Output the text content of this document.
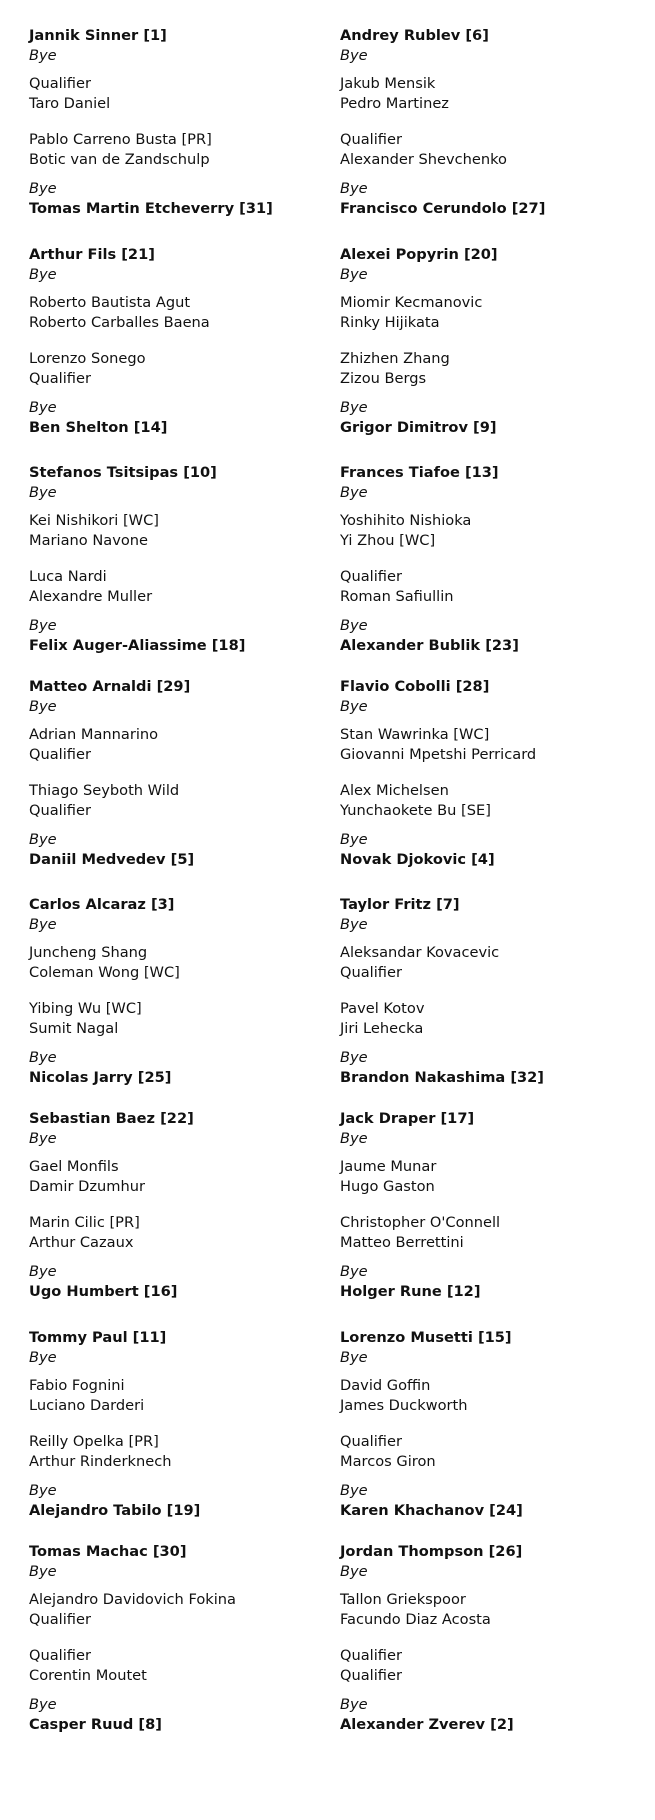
Jannik Sinner [1]
Bye
Qualifier
Taro Daniel
Pablo Carreno Busta [PR]
Botic van de Zandschulp
Bye
Tomas Martin Etcheverry [31]
Arthur Fils [21]
Bye
Roberto Bautista Agut
Roberto Carballes Baena
Lorenzo Sonego
Qualifier
Bye
Ben Shelton [14]
Stefanos Tsitsipas [10]
Bye
Kei Nishikori [WC]
Mariano Navone
Luca Nardi
Alexandre Muller
Bye
Felix Auger-Aliassime [18]
Matteo Arnaldi [29]
Bye
Adrian Mannarino
Qualifier
Thiago Seyboth Wild
Qualifier
Bye
Daniil Medvedev [5]
Carlos Alcaraz [3]
Bye
Juncheng Shang
Coleman Wong [WC]
Yibing Wu [WC]
Sumit Nagal
Bye
Nicolas Jarry [25]
Sebastian Baez [22]
Bye
Gael Monfils
Damir Dzumhur
Marin Cilic [PR]
Arthur Cazaux
Bye
Ugo Humbert [16]
Tommy Paul [11]
Bye
Fabio Fognini
Luciano Darderi
Reilly Opelka [PR]
Arthur Rinderknech
Bye
Alejandro Tabilo [19]
Tomas Machac [30]
Bye
Alejandro Davidovich Fokina
Qualifier
Qualifier
Corentin Moutet
Bye
Casper Ruud [8]
Andrey Rublev [6]
Bye
Jakub Mensik
Pedro Martinez
Qualifier
Alexander Shevchenko
Bye
Francisco Cerundolo [27]
Alexei Popyrin [20]
Bye
Miomir Kecmanovic
Rinky Hijikata
Zhizhen Zhang
Zizou Bergs
Bye
Grigor Dimitrov [9]
Frances Tiafoe [13]
Bye
Yoshihito Nishioka
Yi Zhou [WC]
Qualifier
Roman Safiullin
Bye
Alexander Bublik [23]
Flavio Cobolli [28]
Bye
Stan Wawrinka [WC]
Giovanni Mpetshi Perricard
Alex Michelsen
Yunchaokete Bu [SE]
Bye
Novak Djokovic [4]
Taylor Fritz [7]
Bye
Aleksandar Kovacevic
Qualifier
Pavel Kotov
Jiri Lehecka
Bye
Brandon Nakashima [32]
Jack Draper [17]
Bye
Jaume Munar
Hugo Gaston
Christopher O'Connell
Matteo Berrettini
Bye
Holger Rune [12]
Lorenzo Musetti [15]
Bye
David Goffin
James Duckworth
Qualifier
Marcos Giron
Bye
Karen Khachanov [24]
Jordan Thompson [26]
Bye
Tallon Griekspoor
Facundo Diaz Acosta
Qualifier
Qualifier
Bye
Alexander Zverev [2]
